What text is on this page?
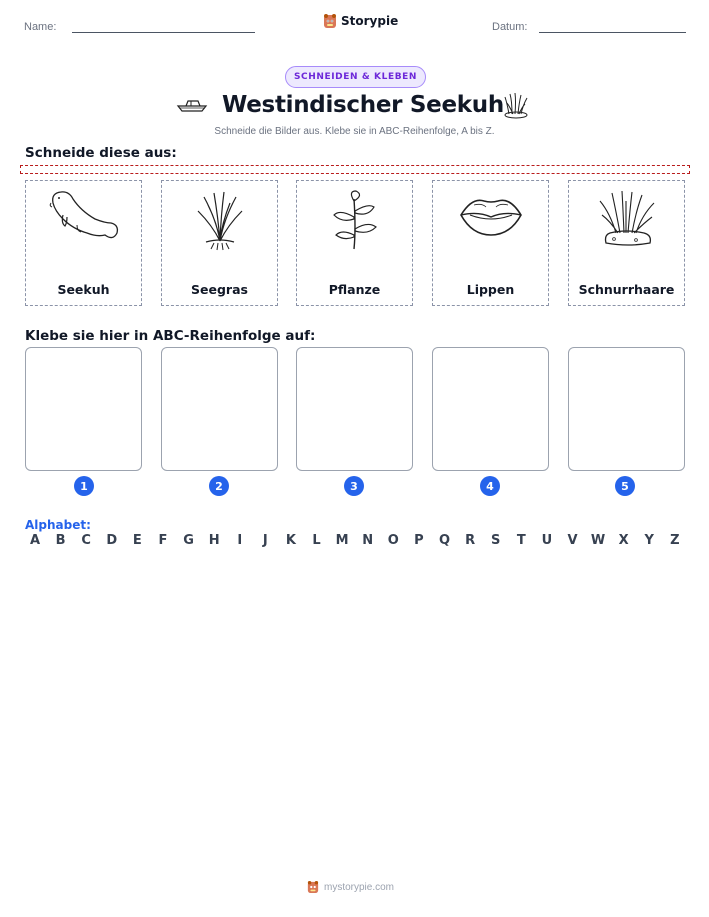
Name:	Storypie	Datum:
SCHNEIDEN & KLEBEN
Westindischer Seekuh
Schneide die Bilder aus. Klebe sie in ABC-Reihenfolge, A bis Z.
Schneide diese aus:
Seekuh	Seegras	Pflanze	Lippen	Schnurrhaare
Klebe sie hier in ABC-Reihenfolge auf:
1	2	3	4	5
Alphabet:
A	B	C	D	E	F	G	H	I	J	K	L	M	N	O	P	Q	R	S	T	U	V	W	X	Y	Z
mystorypie.com
